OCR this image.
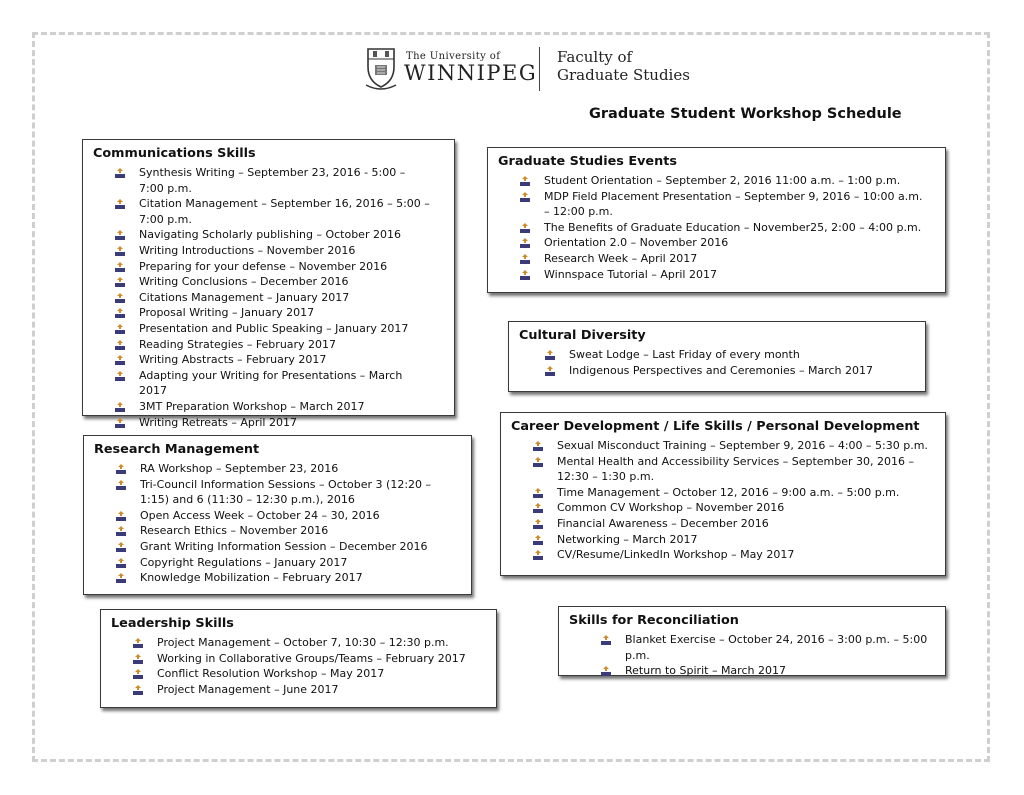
The University of
WINNIPEG
Faculty of
Graduate Studies
Graduate Student Workshop Schedule
Communications Skills
Synthesis Writing – September 23, 2016 - 5:00 – 7:00 p.m.
Citation Management – September 16, 2016 – 5:00 – 7:00 p.m.
Navigating Scholarly publishing – October 2016
Writing Introductions – November 2016
Preparing for your defense – November 2016
Writing Conclusions – December 2016
Citations Management – January 2017
Proposal Writing – January 2017
Presentation and Public Speaking – January 2017
Reading Strategies – February 2017
Writing Abstracts – February 2017
Adapting your Writing for Presentations – March 2017
3MT Preparation Workshop – March 2017
Writing Retreats – April 2017
Research Management
RA Workshop – September 23, 2016
Tri-Council Information Sessions – October 3 (12:20 – 1:15) and 6 (11:30 – 12:30 p.m.), 2016
Open Access Week – October 24 – 30, 2016
Research Ethics – November 2016
Grant Writing Information Session – December 2016
Copyright Regulations – January 2017
Knowledge Mobilization – February 2017
Leadership Skills
Project Management – October 7, 10:30 – 12:30 p.m.
Working in Collaborative Groups/Teams – February 2017
Conflict Resolution Workshop – May 2017
Project Management – June 2017
Graduate Studies Events
Student Orientation – September 2, 2016 11:00 a.m. – 1:00 p.m.
MDP Field Placement Presentation – September 9, 2016 – 10:00 a.m. – 12:00 p.m.
The Benefits of Graduate Education – November25, 2:00 – 4:00 p.m.
Orientation 2.0 – November 2016
Research Week – April 2017
Winnspace Tutorial – April 2017
Cultural Diversity
Sweat Lodge – Last Friday of every month
Indigenous Perspectives and Ceremonies – March 2017
Career Development / Life Skills / Personal Development
Sexual Misconduct Training – September 9, 2016 – 4:00 – 5:30 p.m.
Mental Health and Accessibility Services – September 30, 2016 – 12:30 – 1:30 p.m.
Time Management – October 12, 2016 – 9:00 a.m. – 5:00 p.m.
Common CV Workshop – November 2016
Financial Awareness – December 2016
Networking – March 2017
CV/Resume/LinkedIn Workshop – May 2017
Skills for Reconciliation
Blanket Exercise – October 24, 2016 – 3:00 p.m. – 5:00 p.m.
Return to Spirit – March 2017
